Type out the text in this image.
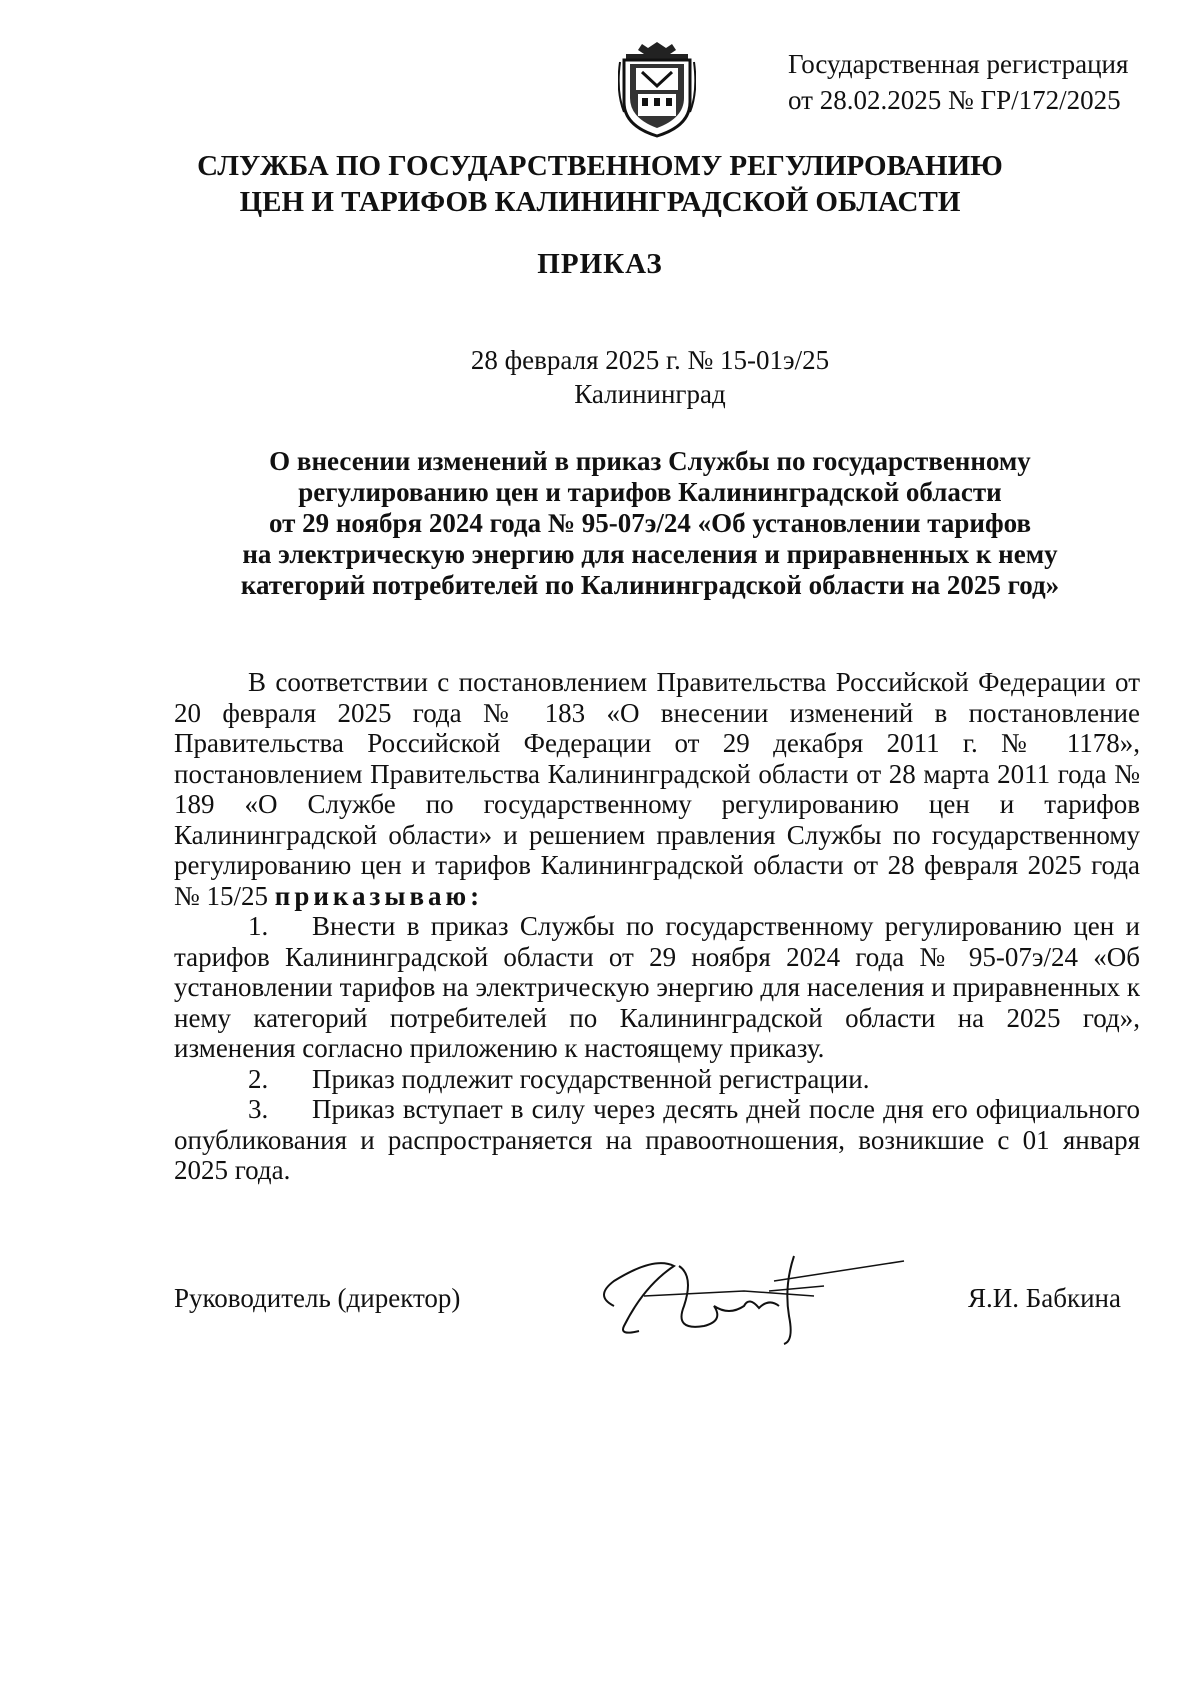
Государственная регистрация
от 28.02.2025 № ГР/172/2025
СЛУЖБА ПО ГОСУДАРСТВЕННОМУ РЕГУЛИРОВАНИЮ
ЦЕН И ТАРИФОВ КАЛИНИНГРАДСКОЙ ОБЛАСТИ
ПРИКАЗ
28 февраля 2025 г. № 15-01э/25
Калининград
О внесении изменений в приказ Службы по государственному
регулированию цен и тарифов Калининградской области
от 29 ноября 2024 года № 95-07э/24 «Об установлении тарифов
на электрическую энергию для населения и приравненных к нему
категорий потребителей по Калининградской области на 2025 год»

В соответствии с постановлением Правительства Российской Федерации от 20 февраля 2025 года № 183 «О внесении изменений в постановление Правительства Российской Федерации от 29 декабря 2011 г. № 1178», постановлением Правительства Калининградской области от 28 марта 2011 года № 189 «О Службе по государственному регулированию цен и тарифов Калининградской области» и решением правления Службы по государственному регулированию цен и тарифов Калининградской области от 28 февраля 2025 года № 15/25 приказываю:

1. Внести в приказ Службы по государственному регулированию цен и тарифов Калининградской области от 29 ноября 2024 года № 95-07э/24 «Об установлении тарифов на электрическую энергию для населения и приравненных к нему категорий потребителей по Калининградской области на 2025 год», изменения согласно приложению к настоящему приказу.

2. Приказ подлежит государственной регистрации.

3. Приказ вступает в силу через десять дней после дня его официального опубликования и распространяется на правоотношения, возникшие с 01 января 2025 года.

Руководитель (директор)	Я.И. Бабкина
